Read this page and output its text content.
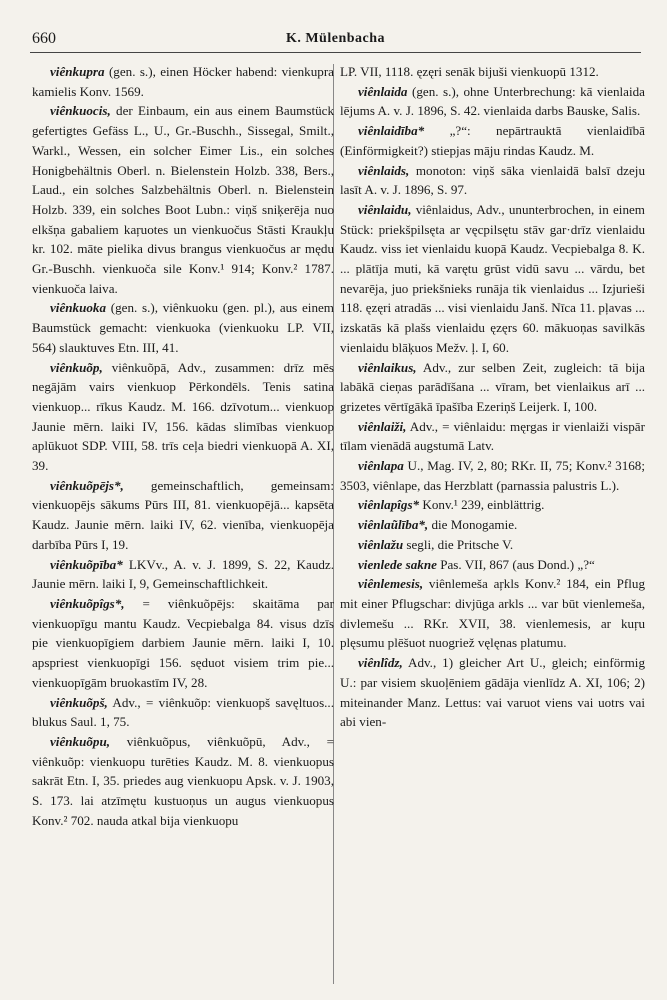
660	K. Mülenbacha

viênkupra (gen. s.), einen Höcker habend: vienkupra kamielis Konv. 1569.

viênkuocis, der Einbaum, ein aus einem Baumstück gefertigtes Gefäss L., U., Gr.-Buschh., Sissegal, Smilt., Warkl., Wessen, ein solcher Eimer Lis., ein solches Honigbehältnis Oberl. n. Bielenstein Holzb. 338, Bers., Laud., ein solches Salzbehältnis Oberl. n. Bielenstein Holzb. 339, ein solches Boot Lubn.: viņš sniķerēja nuo elkšņa gabaliem kaŗuotes un vienkuočus Stāsti Kraukļu kr. 102. māte pielika divus brangus vienkuočus ar mędu Gr.-Buschh. vienkuoča sile Konv.¹ 914; Konv.² 1787. vienkuoča laiva.

viênkuoka (gen. s.), viênkuoku (gen. pl.), aus einem Baumstück gemacht: vienkuoka (vienkuoku LP. VII, 564) slauktuves Etn. III, 41.

viênkuõp, viênkuõpā, Adv., zusammen: drīz mēs negājām vairs vienkuop Pērkondēls. Tenis satina vienkuop... rīkus Kaudz. M. 166. dzīvotum... vienkuop Jaunie mērn. laiki IV, 156. kādas slimības vienkuop aplūkuot SDP. VIII, 58. trīs ceļa biedri vienkuopā A. XI, 39.

viênkuõpējs*, gemeinschaftlich, gemeinsam: vienkuopējs sākums Pūrs III, 81. vienkuopējā... kapsēta Kaudz. Jaunie mērn. laiki IV, 62. vienība, vienkuopēja darbība Pūrs I, 19.

viênkuõpība* LKVv., A. v. J. 1899, S. 22, Kaudz. Jaunie mērn. laiki I, 9, Gemeinschaftlichkeit.

viênkuõpîgs*, = viênkuõpējs: skaitāma par vienkuopīgu mantu Kaudz. Vecpiebalga 84. visus dzīs pie vienkuopīgiem darbiem Jaunie mērn. laiki I, 10. apspriest vienkuopīgi 156. sęduot visiem trim pie... vienkuopīgām bruokastīm IV, 28.

viênkuõpš, Adv., = viênkuõp: vienkuopš savęltuos... blukus Saul. 1, 75.

viênkuõpu, viênkuõpus, viênkuõpū, Adv., = viênkuõp: vienkuopu turēties Kaudz. M. 8. vienkuopus sakrāt Etn. I, 35. priedes aug vienkuopu Apsk. v. J. 1903, S. 173. lai atzīmętu kustuoņus un augus vienkuopus Konv.² 702. nauda atkal bija vienkuopu

LP. VII, 1118. ęzęri senāk bijuši vienkuopū 1312.

viênlaida (gen. s.), ohne Unterbrechung: kā vienlaida lējums A. v. J. 1896, S. 42. vienlaida darbs Bauske, Salis.

viênlaidība* „?“: nepārtrauktā vienlaidībā (Einförmigkeit?) stiepjas māju rindas Kaudz. M.

viênlaids, monoton: viņš sāka vienlaidā balsī dzeju lasīt A. v. J. 1896, S. 97.

viênlaidu, viênlaidus, Adv., ununterbrochen, in einem Stück: priekšpilsęta ar vęcpilsętu stāv gar·drīz vienlaidu Kaudz. viss iet vienlaidu kuopā Kaudz. Vecpiebalga 8. K. ... plātīja muti, kā varętu grūst vidū savu ... vārdu, bet nevarēja, juo priekšnieks runāja tik vienlaidus ... Izjurieši 118. ęzęri atradās ... visi vienlaidu Janš. Nīca 11. pļavas ... izskatās kā plašs vienlaidu ęzęrs 60. mākuoņas savilkās vienlaidu blāķuos Mežv. ļ. I, 60.

viênlaikus, Adv., zur selben Zeit, zugleich: tā bija labākā cieņas parādīšana ... vīram, bet vienlaikus arī ... grizetes vērtīgākā īpašība Ezeriņš Leijerk. I, 100.

viênlaiži, Adv., = viênlaidu: męrgas ir vienlaiži vispār tīlam vienādā augstumā Latv.

viênlapa U., Mag. IV, 2, 80; RKr. II, 75; Konv.² 3168; 3503, viênlape, das Herzblatt (parnassia palustris L.).

viênlapîgs* Konv.¹ 239, einblättrig.

viênlaũlība*, die Monogamie.

viênlažu segli, die Pritsche V.

vienlede sakne Pas. VII, 867 (aus Dond.) „?“

viênlemesis, viênlemeša aŗkls Konv.² 184, ein Pflug mit einer Pflugschar: divjūga arkls ... var būt vienlemeša, divlemešu ... RKr. XVII, 38. vienlemesis, ar kuŗu plęsumu plēšuot nuogriež vęlęnas platumu.

viênlîdz, Adv., 1) gleicher Art U., gleich; einförmig U.: par visiem skuoļēniem gādāja vienlīdz A. XI, 106; 2) miteinander Manz. Lettus: vai varuot viens vai uotrs vai abi vien-
